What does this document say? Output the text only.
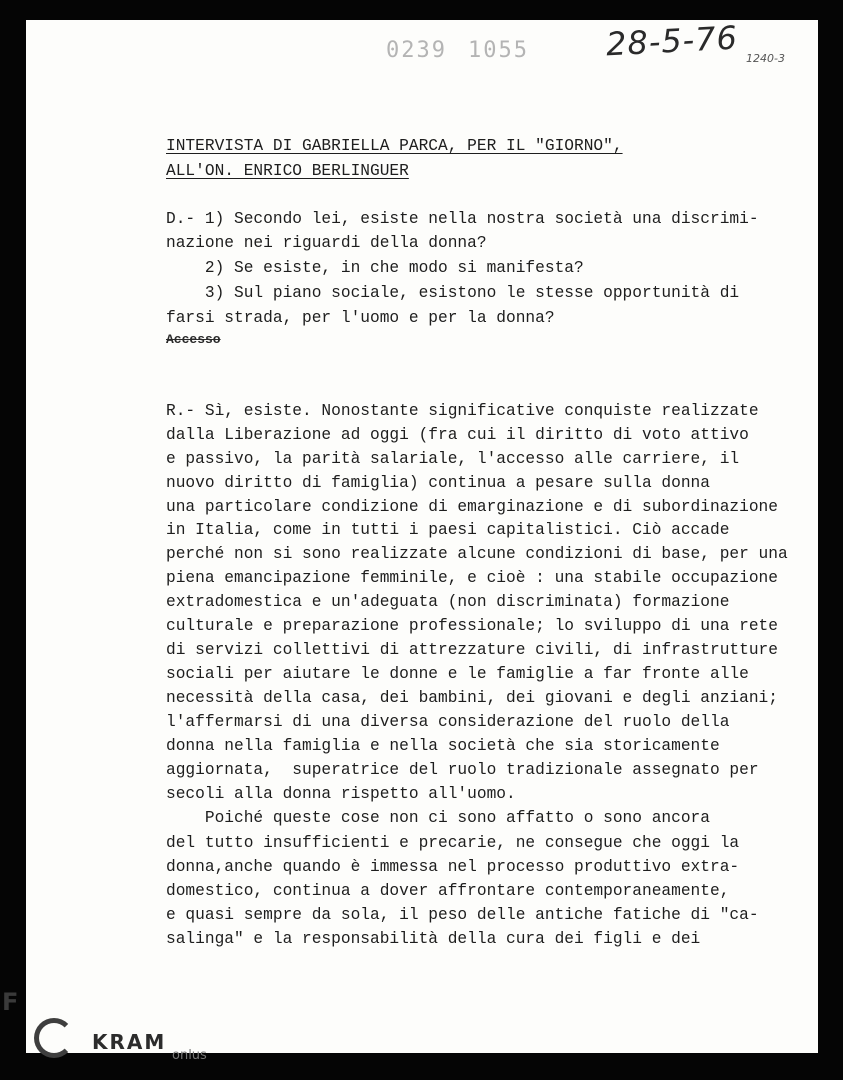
0239 1055 28-5-76 1240-3
INTERVISTA DI GABRIELLA PARCA, PER IL "GIORNO",
ALL'ON. ENRICO BERLINGUER
D.- 1) Secondo lei, esiste nella nostra società una discrimi-
nazione nei riguardi della donna?
2) Se esiste, in che modo si manifesta?
3) Sul piano sociale, esistono le stesse opportunità di
farsi strada, per l'uomo e per la donna?
Accesso
R.- Sì, esiste. Nonostante significative conquiste realizzate
dalla Liberazione ad oggi (fra cui il diritto di voto attivo
e passivo, la parità salariale, l'accesso alle carriere, il
nuovo diritto di famiglia) continua a pesare sulla donna
una particolare condizione di emarginazione e di subordinazione
in Italia, come in tutti i paesi capitalistici. Ciò accade
perché non si sono realizzate alcune condizioni di base, per una
piena emancipazione femminile, e cioè : una stabile occupazione
extradomestica e un'adeguata (non discriminata) formazione
culturale e preparazione professionale; lo sviluppo di una rete
di servizi collettivi di attrezzature civili, di infrastrutture
sociali per aiutare le donne e le famiglie a far fronte alle
necessità della casa, dei bambini, dei giovani e degli anziani;
l'affermarsi di una diversa considerazione del ruolo della
donna nella famiglia e nella società che sia storicamente
aggiornata,  superatrice del ruolo tradizionale assegnato per
secoli alla donna rispetto all'uomo.
Poiché queste cose non ci sono affatto o sono ancora
del tutto insufficienti e precarie, ne consegue che oggi la
donna,anche quando è immessa nel processo produttivo extra-
domestico, continua a dover affrontare contemporaneamente,
e quasi sempre da sola, il peso delle antiche fatiche di "ca-
salinga" e la responsabilità della cura dei figli e dei
F
KRAM
onlus
